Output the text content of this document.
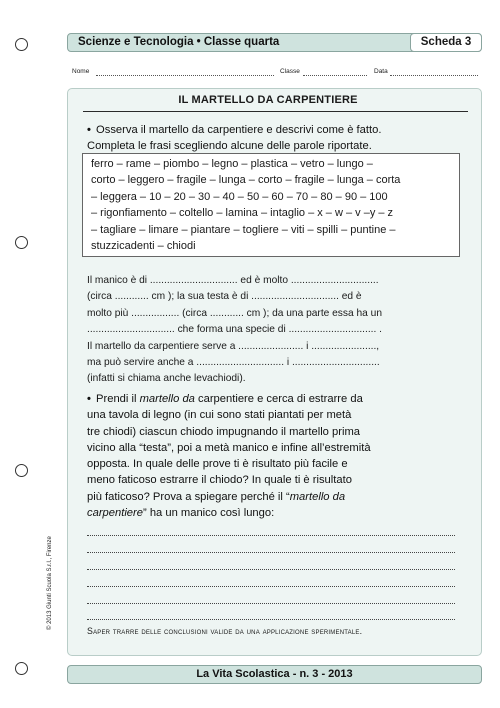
Scienze e Tecnologia • Classe quarta	Scheda 3
Nome	Classe	Data
IL MARTELLO DA CARPENTIERE
• Osserva il martello da carpentiere e descrivi come è fatto.
Completa le frasi scegliendo alcune delle parole riportate.
ferro – rame – piombo – legno – plastica – vetro – lungo –
corto – leggero – fragile – lunga – corto – fragile – lunga – corta
– leggera – 10 – 20 – 30 – 40 – 50 – 60 – 70 – 80 – 90 – 100
– rigonfiamento – coltello – lamina – intaglio – x – w – v –y – z
– tagliare – limare – piantare – togliere – viti – spilli – puntine –
stuzzicadenti – chiodi
Il manico è di ............................... ed è molto ...............................
(circa ............ cm ); la sua testa è di ............................... ed è
molto più ................. (circa ............ cm ); da una parte essa ha un
............................... che forma una specie di ............................... .
Il martello da carpentiere serve a ....................... i .......................,
ma può servire anche a ............................... i ...............................
(infatti si chiama anche levachiodi).
• Prendi il martello da carpentiere e cerca di estrarre da
una tavola di legno (in cui sono stati piantati per metà
tre chiodi) ciascun chiodo impugnando il martello prima
vicino alla “testa”, poi a metà manico e infine all’estremità
opposta. In quale delle prove ti è risultato più facile e
meno faticoso estrarre il chiodo? In quale ti è risultato
più faticoso? Prova a spiegare perché il “martello da
carpentiere” ha un manico così lungo:
Saper trarre delle conclusioni valide da una applicazione sperimentale.
© 2013 Giunti Scuola S.r.l., Firenze
La Vita Scolastica - n. 3 - 2013
